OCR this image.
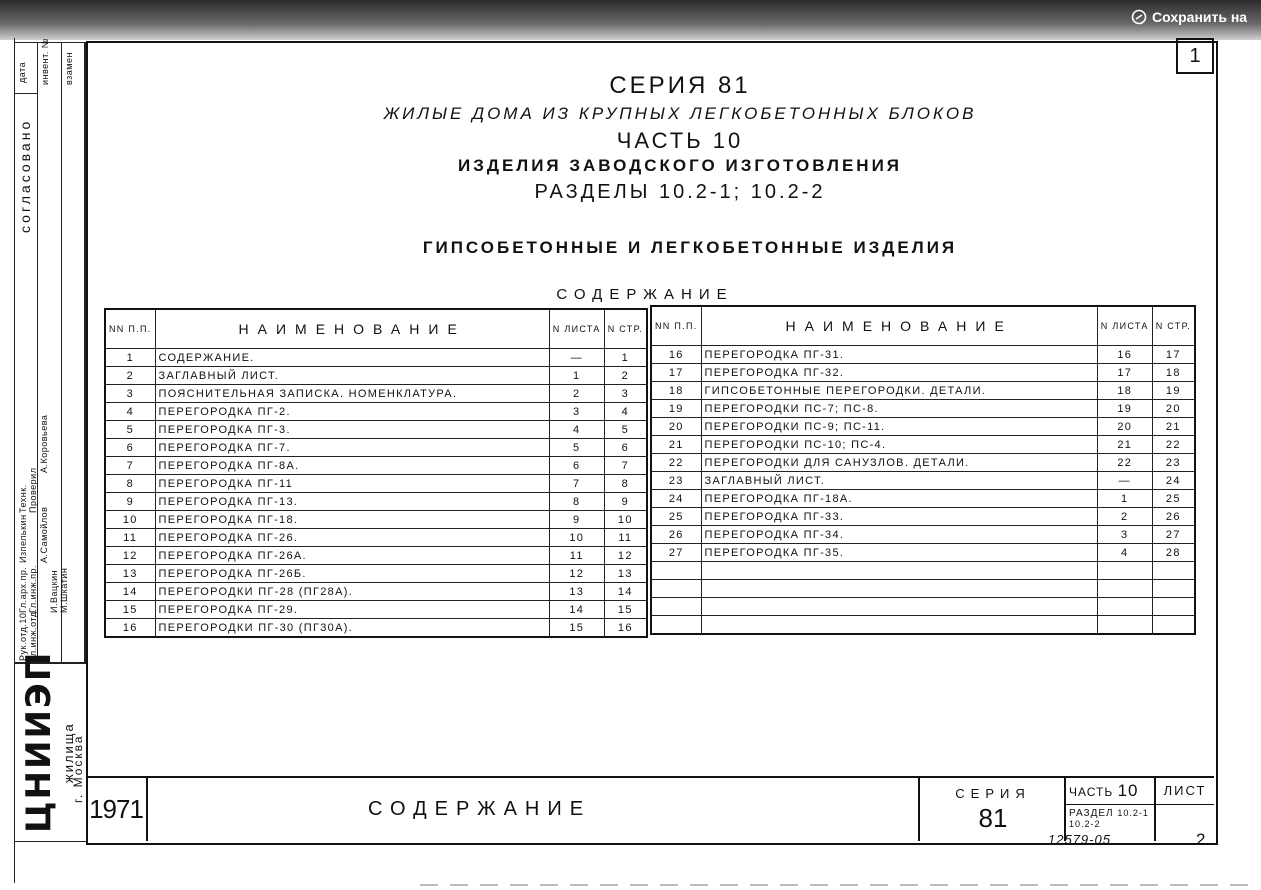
Сохранить на
дата
согласовано
инвент. № взамен
Рук.отд.10 Гл.инж.отд.
Гл.арх.пр. Гл.инж.пр.
Изпелькин
Технк. Проверил
А.Коровьева
А.Самойлов
И.Вацкин М.Шкатин
ЦНИИЭП жилища
г. Москва
1
СЕРИЯ 81
ЖИЛЫЕ ДОМА ИЗ КРУПНЫХ ЛЕГКОБЕТОННЫХ БЛОКОВ
ЧАСТЬ 10
ИЗДЕЛИЯ ЗАВОДСКОГО ИЗГОТОВЛЕНИЯ
РАЗДЕЛЫ 10.2-1; 10.2-2
ГИПСОБЕТОННЫЕ И ЛЕГКОБЕТОННЫЕ ИЗДЕЛИЯ
СОДЕРЖАНИЕ
NN П.П.	НАИМЕНОВАНИЕ	N ЛИСТА	N СТР.
1	СОДЕРЖАНИЕ.	—	1
2	ЗАГЛАВНЫЙ ЛИСТ.	1	2
3	ПОЯСНИТЕЛЬНАЯ ЗАПИСКА. НОМЕНКЛАТУРА.	2	3
4	ПЕРЕГОРОДКА ПГ-2.	3	4
5	ПЕРЕГОРОДКА ПГ-3.	4	5
6	ПЕРЕГОРОДКА ПГ-7.	5	6
7	ПЕРЕГОРОДКА ПГ-8А.	6	7
8	ПЕРЕГОРОДКА ПГ-11	7	8
9	ПЕРЕГОРОДКА ПГ-13.	8	9
10	ПЕРЕГОРОДКА ПГ-18.	9	10
11	ПЕРЕГОРОДКА ПГ-26.	10	11
12	ПЕРЕГОРОДКА ПГ-26А.	11	12
13	ПЕРЕГОРОДКА ПГ-26Б.	12	13
14	ПЕРЕГОРОДКИ ПГ-28 (ПГ28А).	13	14
15	ПЕРЕГОРОДКА ПГ-29.	14	15
16	ПЕРЕГОРОДКИ ПГ-30 (ПГ30А).	15	16
NN П.П.	НАИМЕНОВАНИЕ	N ЛИСТА	N СТР.
16	ПЕРЕГОРОДКА ПГ-31.	16	17
17	ПЕРЕГОРОДКА ПГ-32.	17	18
18	ГИПСОБЕТОННЫЕ ПЕРЕГОРОДКИ. ДЕТАЛИ.	18	19
19	ПЕРЕГОРОДКИ ПС-7; ПС-8.	19	20
20	ПЕРЕГОРОДКИ ПС-9; ПС-11.	20	21
21	ПЕРЕГОРОДКИ ПС-10; ПС-4.	21	22
22	ПЕРЕГОРОДКИ ДЛЯ САНУЗЛОВ. ДЕТАЛИ.	22	23
23	ЗАГЛАВНЫЙ ЛИСТ.	—	24
24	ПЕРЕГОРОДКА ПГ-18А.	1	25
25	ПЕРЕГОРОДКА ПГ-33.	2	26
26	ПЕРЕГОРОДКА ПГ-34.	3	27
27	ПЕРЕГОРОДКА ПГ-35.	4	28

1971	СОДЕРЖАНИЕ
СЕРИЯ
81
ЧАСТЬ 10
РАЗДЕЛ 10.2-1 10.2-2
ЛИСТ
12579-05	2
